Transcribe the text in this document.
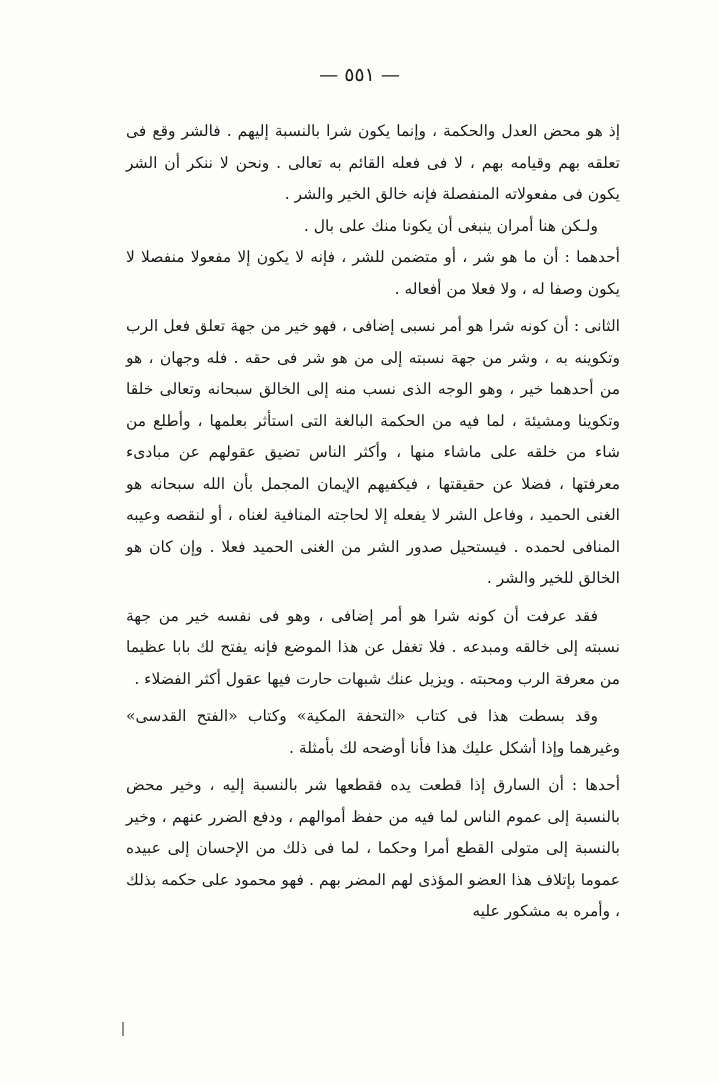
— ٥٥١ —

إذ هو محض العدل والحكمة ، وإنما يكون شرا بالنسبة إليهم . فالشر وقع فى تعلقه بهم وقيامه بهم ، لا فى فعله القائم به تعالى . ونحن لا ننكر أن الشر يكون فى مفعولاته المنفصلة فإنه خالق الخير والشر .

ولـكن هنا أمران ينبغى أن يكونا منك على بال .

أحدهما : أن ما هو شر ، أو متضمن للشر ، فإنه لا يكون إلا مفعولا منفصلا لا يكون وصفا له ، ولا فعلا من أفعاله .

الثانى : أن كونه شرا هو أمر نسبى إضافى ، فهو خير من جهة تعلق فعل الرب وتكوينه به ، وشر من جهة نسبته إلى من هو شر فى حقه . فله وجهان ، هو من أحدهما خير ، وهو الوجه الذى نسب منه إلى الخالق سبحانه وتعالى خلقا وتكوينا ومشيئة ، لما فيه من الحكمة البالغة التى استأثر بعلمها ، وأطلع من شاء من خلقه على ماشاء منها ، وأكثر الناس تضيق عقولهم عن مبادىء معرفتها ، فضلا عن حقيقتها ، فيكفيهم الإيمان المجمل بأن الله سبحانه هو الغنى الحميد ، وفاعل الشر لا يفعله إلا لحاجته المنافية لغناه ، أو لنقصه وعيبه المنافى لحمده . فيستحيل صدور الشر من الغنى الحميد فعلا . وإن كان هو الخالق للخير والشر .

فقد عرفت أن كونه شرا هو أمر إضافى ، وهو فى نفسه خير من جهة نسبته إلى خالقه ومبدعه . فلا تغفل عن هذا الموضع فإنه يفتح لك بابا عظيما من معرفة الرب ومحبته . ويزيل عنك شبهات حارت فيها عقول أكثر الفضلاء .

وقد بسطت هذا فى كتاب «التحفة المكية» وكتاب «الفتح القدسى» وغيرهما وإذا أشكل عليك هذا فأنا أوضحه لك بأمثلة .

أحدها : أن السارق إذا قطعت يده فقطعها شر بالنسبة إليه ، وخير محض بالنسبة إلى عموم الناس لما فيه من حفظ أموالهم ، ودفع الضرر عنهم ، وخير بالنسبة إلى متولى القطع أمرا وحكما ، لما فى ذلك من الإحسان إلى عبيده عموما بإتلاف هذا العضو المؤذى لهم المضر بهم . فهو محمود على حكمه بذلك ، وأمره به مشكور عليه
